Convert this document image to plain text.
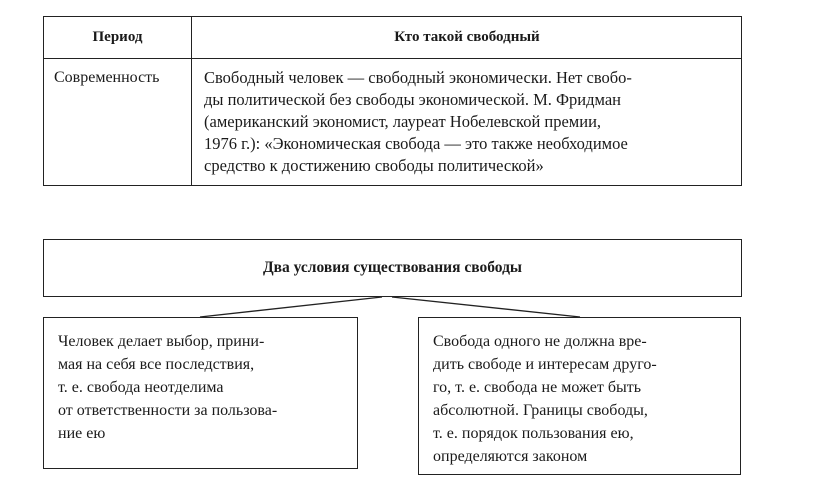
Период	Кто такой свободный
Современность	Свободный человек — свободный экономически. Нет свобо-
ды политической без свободы экономической. М. Фридман
(американский экономист, лауреат Нобелевской премии,
1976 г.): «Экономическая свобода — это также необходимое
средство к достижению свободы политической»
Два условия существования свободы
Человек делает выбор, прини-
мая на себя все последствия,
т. е. свобода неотделима
от ответственности за пользова-
ние ею
Свобода одного не должна вре-
дить свободе и интересам друго-
го, т. е. свобода не может быть
абсолютной. Границы свободы,
т. е. порядок пользования ею,
определяются законом
